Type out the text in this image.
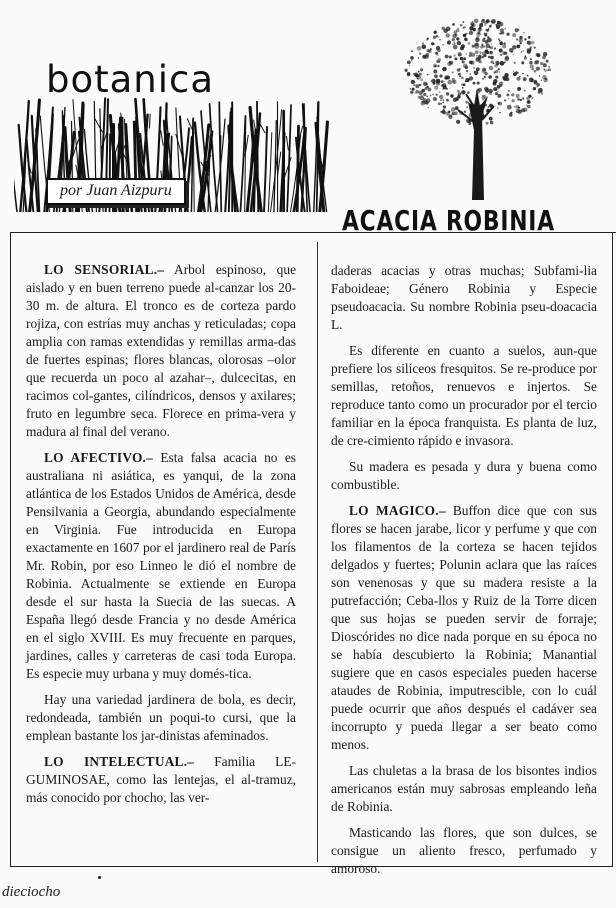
botanica
por Juan Aizpuru
ACACIA ROBINIA

LO SENSORIAL.– Arbol espinoso, que aislado y en buen terreno puede al-canzar los 20-30 m. de altura. El tronco es de corteza pardo rojiza, con estrías muy anchas y reticuladas; copa amplia con ramas extendidas y remillas arma-das de fuertes espinas; flores blancas, olorosas –olor que recuerda un poco al azahar–, dulcecitas, en racimos col-gantes, cilíndricos, densos y axilares; fruto en legumbre seca. Florece en prima-vera y madura al final del verano.

LO AFECTIVO.– Esta falsa acacia no es australiana ni asiática, es yanqui, de la zona atlántica de los Estados Unidos de América, desde Pensilvania a Georgia, abundando especialmente en Virginia. Fue introducida en Europa exactamente en 1607 por el jardinero real de París Mr. Robin, por eso Linneo le dió el nombre de Robinia. Actualmente se extiende en Europa desde el sur hasta la Suecia de las suecas. A España llegó desde Francia y no desde América en el siglo XVIII. Es muy frecuente en parques, jardines, calles y carreteras de casi toda Europa. Es especie muy urbana y muy domés-tica.

Hay una variedad jardinera de bola, es decir, redondeada, también un poqui-to cursi, que la emplean bastante los jar-dinistas afeminados.

LO INTELECTUAL.– Familia LE-GUMINOSAE, como las lentejas, el al-tramuz, más conocido por chocho, las ver-

daderas acacias y otras muchas; Subfami-lia Faboideae; Género Robinia y Especie pseudoacacia. Su nombre Robinia pseu-doacacia L.

Es diferente en cuanto a suelos, aun-que prefiere los silíceos fresquitos. Se re-produce por semillas, retoños, renuevos e injertos. Se reproduce tanto como un procurador por el tercio familiar en la época franquista. Es planta de luz, de cre-cimiento rápido e invasora.

Su madera es pesada y dura y buena como combustible.

LO MAGICO.– Buffon dice que con sus flores se hacen jarabe, licor y perfume y que con los filamentos de la corteza se hacen tejidos delgados y fuertes; Polunin aclara que las raíces son venenosas y que su madera resiste a la putrefacción; Ceba-llos y Ruiz de la Torre dicen que sus hojas se pueden servir de forraje; Dioscórides no dice nada porque en su época no se había descubierto la Robinia; Manantial sugiere que en casos especiales pueden hacerse ataudes de Robinia, imputrescible, con lo cuál puede ocurrir que años después el cadáver sea incorrupto y pueda llegar a ser beato como menos.

Las chuletas a la brasa de los bisontes indios americanos están muy sabrosas empleando leña de Robinia.

Masticando las flores, que son dulces, se consigue un aliento fresco, perfumado y amoroso.

dieciocho
